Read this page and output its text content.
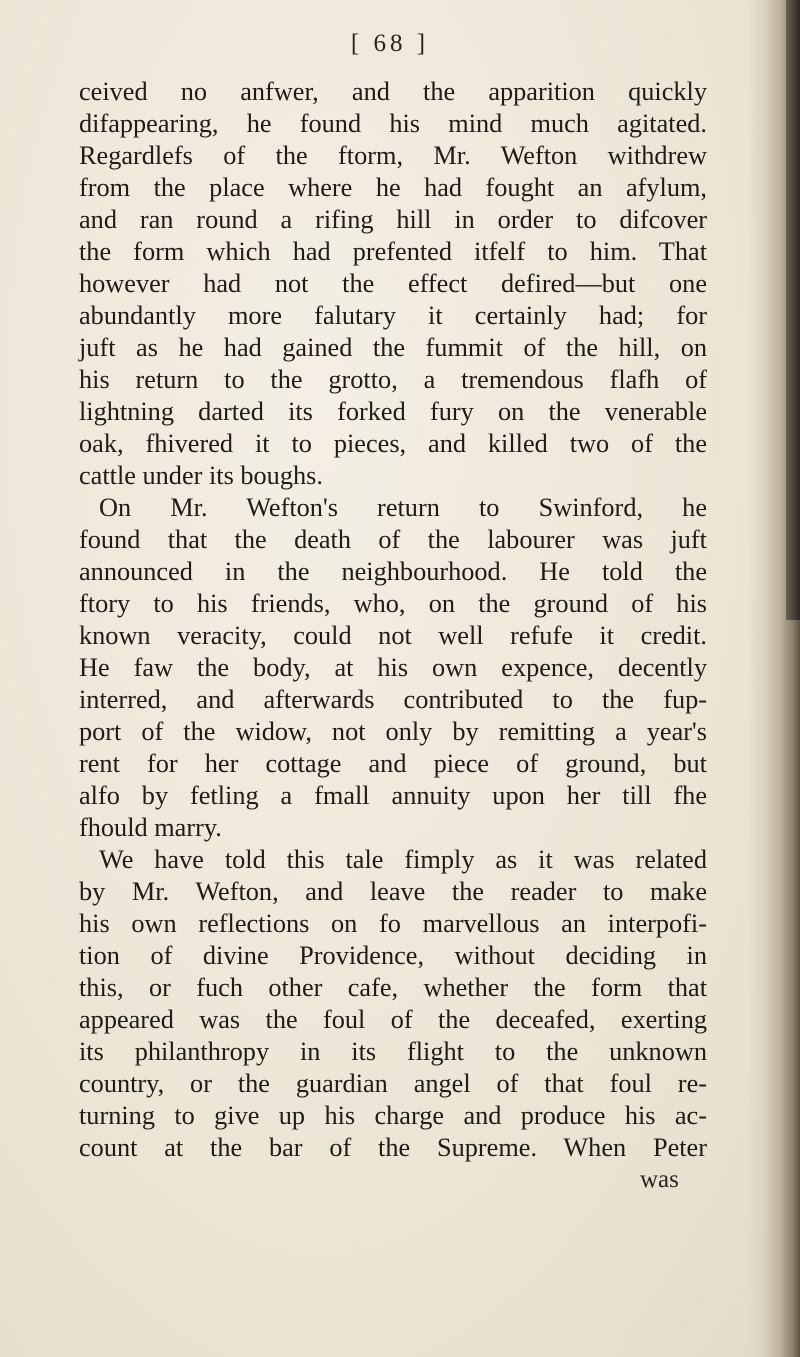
[ 68 ]
ceived no anfwer, and the apparition quickly
difappearing, he found his mind much agitated.
Regardlefs of the ftorm, Mr. Wefton withdrew
from the place where he had fought an afylum,
and ran round a rifing hill in order to difcover
the form which had prefented itfelf to him. That
however had not the effect defired—but one
abundantly more falutary it certainly had; for
juft as he had gained the fummit of the hill, on
his return to the grotto, a tremendous flafh of
lightning darted its forked fury on the venerable
oak, fhivered it to pieces, and killed two of the
cattle under its boughs.
On Mr. Wefton's return to Swinford, he
found that the death of the labourer was juft
announced in the neighbourhood. He told the
ftory to his friends, who, on the ground of his
known veracity, could not well refufe it credit.
He faw the body, at his own expence, decently
interred, and afterwards contributed to the fup-
port of the widow, not only by remitting a year's
rent for her cottage and piece of ground, but
alfo by fetling a fmall annuity upon her till fhe
fhould marry.
We have told this tale fimply as it was related
by Mr. Wefton, and leave the reader to make
his own reflections on fo marvellous an interpofi-
tion of divine Providence, without deciding in
this, or fuch other cafe, whether the form that
appeared was the foul of the deceafed, exerting
its philanthropy in its flight to the unknown
country, or the guardian angel of that foul re-
turning to give up his charge and produce his ac-
count at the bar of the Supreme. When Peter
was
